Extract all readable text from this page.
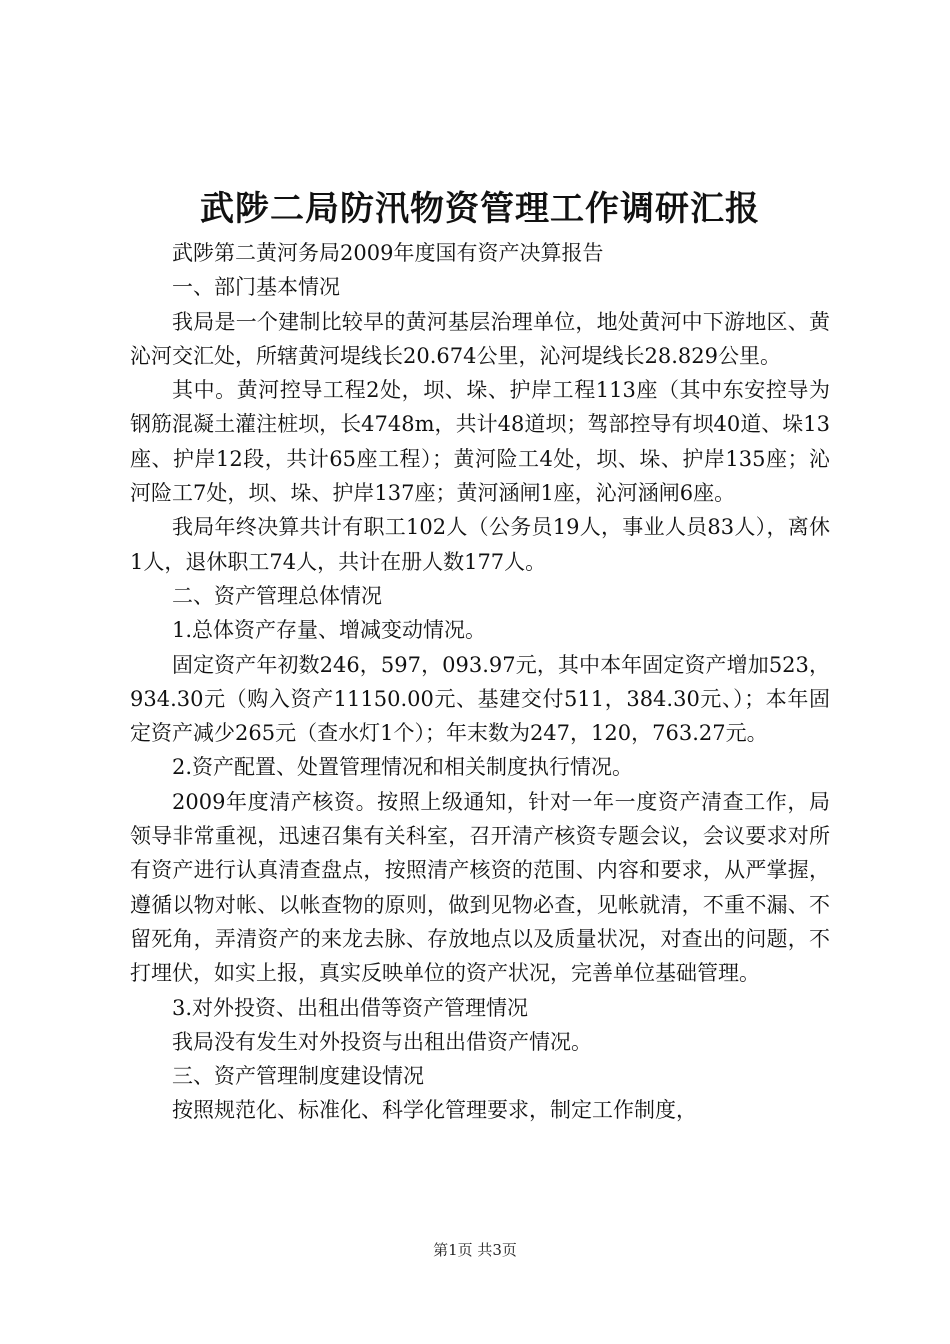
武陟二局防汛物资管理工作调研汇报

武陟第二黄河务局2009年度国有资产决算报告

一、部门基本情况

我局是一个建制比较早的黄河基层治理单位，地处黄河中下游地区、黄沁河交汇处，所辖黄河堤线长20.674公里，沁河堤线长28.829公里。

其中。黄河控导工程2处，坝、垛、护岸工程113座（其中东安控导为钢筋混凝土灌注桩坝，长4748m，共计48道坝；驾部控导有坝40道、垛13座、护岸12段，共计65座工程）；黄河险工4处，坝、垛、护岸135座；沁河险工7处，坝、垛、护岸137座；黄河涵闸1座，沁河涵闸6座。

我局年终决算共计有职工102人（公务员19人，事业人员83人），离休1人，退休职工74人，共计在册人数177人。

二、资产管理总体情况

1.总体资产存量、增减变动情况。

固定资产年初数246，597，093.97元，其中本年固定资产增加523，934.30元（购入资产11150.00元、基建交付511，384.30元、）；本年固定资产减少265元（查水灯1个）；年末数为247，120，763.27元。

2.资产配置、处置管理情况和相关制度执行情况。

2009年度清产核资。按照上级通知，针对一年一度资产清查工作，局领导非常重视，迅速召集有关科室，召开清产核资专题会议，会议要求对所有资产进行认真清查盘点，按照清产核资的范围、内容和要求，从严掌握，遵循以物对帐、以帐查物的原则，做到见物必查，见帐就清，不重不漏、不留死角，弄清资产的来龙去脉、存放地点以及质量状况，对查出的问题，不打埋伏，如实上报，真实反映单位的资产状况，完善单位基础管理。

3.对外投资、出租出借等资产管理情况

我局没有发生对外投资与出租出借资产情况。

三、资产管理制度建设情况

按照规范化、标准化、科学化管理要求，制定工作制度，

第1页 共3页
